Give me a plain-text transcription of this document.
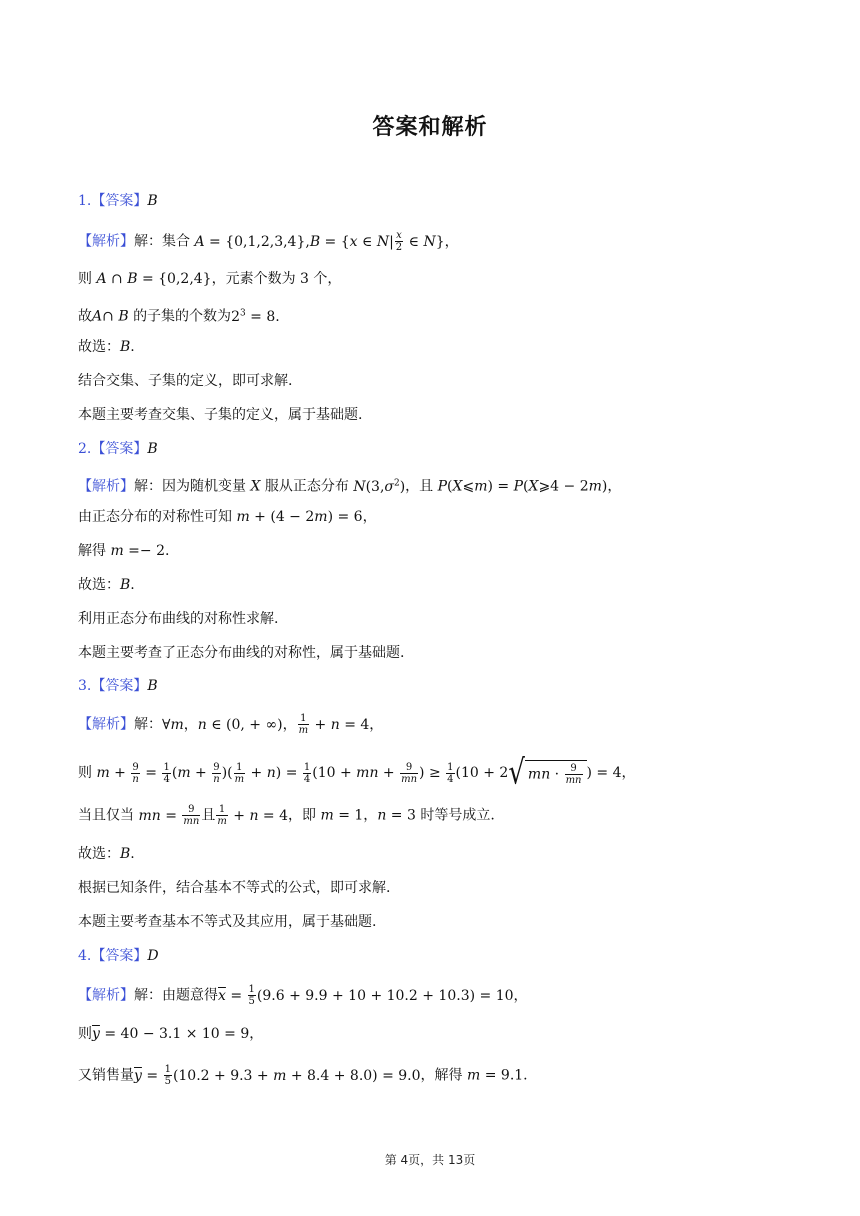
答案和解析
1.【答案】B
【解析】解：集合 A = {0,1,2,3,4},B = {x ∈ $N| \frac{x}{2}$ ∈ N}，
则 A ∩ B = {0,2,4}，元素个数为 3 个，
故A∩ B 的子集的个数为$2^3 = 8$.
故选：B.
结合交集、子集的定义，即可求解.
本题主要考查交集、子集的定义，属于基础题.
2.【答案】B
【解析】解：因为随机变量 X 服从正态分布 $N(3,\sigma^2)$，且 P(X⩽m) = P(X⩾4 − 2m)，
由正态分布的对称性可知 m + (4 − 2m) = 6，
解得 m =− 2.
故选：B.
利用正态分布曲线的对称性求解.
本题主要考查了正态分布曲线的对称性，属于基础题.
3.【答案】B
【解析】解：∀m，n ∈ (0, + ∞)， $\frac{1}{m} + n = 4$，
则 $m + \frac{9}{n} = \frac{1}{4} (m + \frac{9}{n}$ )( $\frac{1}{m} + n) = \frac{1}{4} (10$ + mn + $\frac{9}{mn}$ ) ≥ $\frac{1}{4} (10 + 2√$ mn · $\frac{9}{mn}$ ) = 4，
当且仅当 mn = $\frac{9}{mn}$ 且 $\frac{1}{m} + n = 4$，即 m = 1，n = 3 时等号成立.
故选：B.
根据已知条件，结合基本不等式的公式，即可求解.
本题主要考查基本不等式及其应用，属于基础题.
4.【答案】D
【解析】解：由题意得$\overline{x} = \frac{1}{5} (9.6 + 9.9 + 10 + 10.2 + 10.3) = 10$，
则$\overline{y} = 40 - 3.1 \times 10 = 9$，
又销售量$\overline{y} = \frac{1}{5} (10.2 + 9.3 + m + 8.4 + 8.0) = 9.0$，解得 m = 9.1.
第 4页，共 13页
